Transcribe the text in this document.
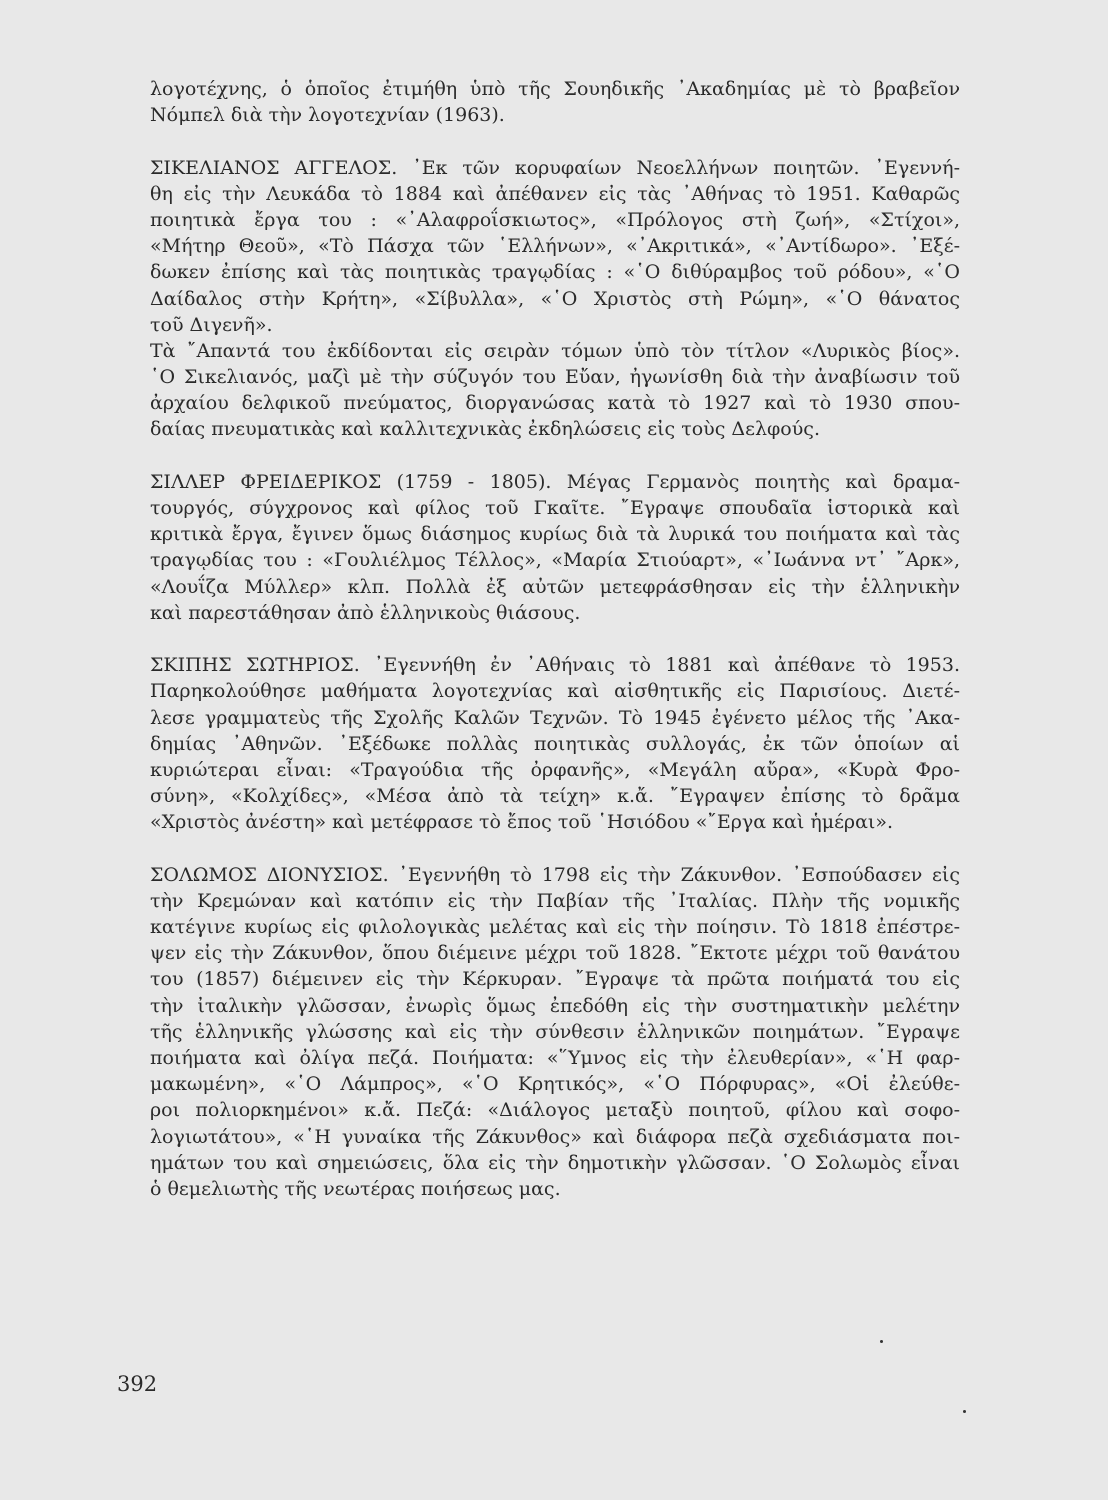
λογοτέχνης, ὁ ὁποῖος ἐτιμήθη ὑπὸ τῆς Σουηδικῆς ᾿Ακαδημίας μὲ τὸ βραβεῖον
Νόμπελ διὰ τὴν λογοτεχνίαν (1963).
ΣΙΚΕΛΙΑΝΟΣ ΑΓΓΕΛΟΣ. ᾿Εκ τῶν κορυφαίων Νεοελλήνων ποιητῶν. ᾿Εγεννή-
θη εἰς τὴν Λευκάδα τὸ 1884 καὶ ἀπέθανεν εἰς τὰς ᾿Αθήνας τὸ 1951. Καθαρῶς
ποιητικὰ ἔργα του : «᾿Αλαφροΐσκιωτος», «Πρόλογος στὴ ζωή», «Στίχοι»,
«Μήτηρ Θεοῦ», «Τὸ Πάσχα τῶν ῾Ελλήνων», «᾿Ακριτικά», «᾿Αντίδωρο». ᾿Εξέ-
δωκεν ἐπίσης καὶ τὰς ποιητικὰς τραγῳδίας : «῾Ο διθύραμβος τοῦ ρόδου», «῾Ο
Δαίδαλος στὴν Κρήτη», «Σίβυλλα», «῾Ο Χριστὸς στὴ Ρώμη», «῾Ο θάνατος
τοῦ Διγενῆ».
Τὰ ῎Απαντά του ἐκδίδονται εἰς σειρὰν τόμων ὑπὸ τὸν τίτλον «Λυρικὸς βίος».
῾Ο Σικελιανός, μαζὶ μὲ τὴν σύζυγόν του Εὔαν, ἠγωνίσθη διὰ τὴν ἀναβίωσιν τοῦ
ἀρχαίου δελφικοῦ πνεύματος, διοργανώσας κατὰ τὸ 1927 καὶ τὸ 1930 σπου-
δαίας πνευματικὰς καὶ καλλιτεχνικὰς ἐκδηλώσεις εἰς τοὺς Δελφούς.
ΣΙΛΛΕΡ ΦΡΕΙΔΕΡΙΚΟΣ (1759 - 1805). Μέγας Γερμανὸς ποιητὴς καὶ δραμα-
τουργός, σύγχρονος καὶ φίλος τοῦ Γκαῖτε. ῎Εγραψε σπουδαῖα ἱστορικὰ καὶ
κριτικὰ ἔργα, ἔγινεν ὅμως διάσημος κυρίως διὰ τὰ λυρικά του ποιήματα καὶ τὰς
τραγῳδίας του : «Γουλιέλμος Τέλλος», «Μαρία Στιούαρτ», «᾿Ιωάννα ντ᾿ ῎Αρκ»,
«Λουΐζα Μύλλερ» κλπ. Πολλὰ ἐξ αὐτῶν μετεφράσθησαν εἰς τὴν ἑλληνικὴν
καὶ παρεστάθησαν ἀπὸ ἑλληνικοὺς θιάσους.
ΣΚΙΠΗΣ ΣΩΤΗΡΙΟΣ. ᾿Εγεννήθη ἐν ᾿Αθήναις τὸ 1881 καὶ ἀπέθανε τὸ 1953.
Παρηκολούθησε μαθήματα λογοτεχνίας καὶ αἰσθητικῆς εἰς Παρισίους. Διετέ-
λεσε γραμματεὺς τῆς Σχολῆς Καλῶν Τεχνῶν. Τὸ 1945 ἐγένετο μέλος τῆς ᾿Ακα-
δημίας ᾿Αθηνῶν. ᾿Εξέδωκε πολλὰς ποιητικὰς συλλογάς, ἐκ τῶν ὁποίων αἱ
κυριώτεραι εἶναι: «Τραγούδια τῆς ὀρφανῆς», «Μεγάλη αὔρα», «Κυρὰ Φρο-
σύνη», «Κολχίδες», «Μέσα ἀπὸ τὰ τείχη» κ.ἄ. ῎Εγραψεν ἐπίσης τὸ δρᾶμα
«Χριστὸς ἀνέστη» καὶ μετέφρασε τὸ ἔπος τοῦ ῾Ησιόδου «῎Εργα καὶ ἡμέραι».
ΣΟΛΩΜΟΣ ΔΙΟΝΥΣΙΟΣ. ᾿Εγεννήθη τὸ 1798 εἰς τὴν Ζάκυνθον. ᾿Εσπούδασεν εἰς
τὴν Κρεμώναν καὶ κατόπιν εἰς τὴν Παβίαν τῆς ᾿Ιταλίας. Πλὴν τῆς νομικῆς
κατέγινε κυρίως εἰς φιλολογικὰς μελέτας καὶ εἰς τὴν ποίησιν. Τὸ 1818 ἐπέστρε-
ψεν εἰς τὴν Ζάκυνθον, ὅπου διέμεινε μέχρι τοῦ 1828. ῎Εκτοτε μέχρι τοῦ θανάτου
του (1857) διέμεινεν εἰς τὴν Κέρκυραν. ῎Εγραψε τὰ πρῶτα ποιήματά του εἰς
τὴν ἰταλικὴν γλῶσσαν, ἐνωρὶς ὅμως ἐπεδόθη εἰς τὴν συστηματικὴν μελέτην
τῆς ἑλληνικῆς γλώσσης καὶ εἰς τὴν σύνθεσιν ἑλληνικῶν ποιημάτων. ῎Εγραψε
ποιήματα καὶ ὀλίγα πεζά. Ποιήματα: «῞Υμνος εἰς τὴν ἐλευθερίαν», «῾Η φαρ-
μακωμένη», «῾Ο Λάμπρος», «῾Ο Κρητικός», «῾Ο Πόρφυρας», «Οἱ ἐλεύθε-
ροι πολιορκημένοι» κ.ἄ. Πεζά: «Διάλογος μεταξὺ ποιητοῦ, φίλου καὶ σοφο-
λογιωτάτου», «῾Η γυναίκα τῆς Ζάκυνθος» καὶ διάφορα πεζὰ σχεδιάσματα ποι-
ημάτων του καὶ σημειώσεις, ὅλα εἰς τὴν δημοτικὴν γλῶσσαν. ῾Ο Σολωμὸς εἶναι
ὁ θεμελιωτὴς τῆς νεωτέρας ποιήσεως μας.
392
